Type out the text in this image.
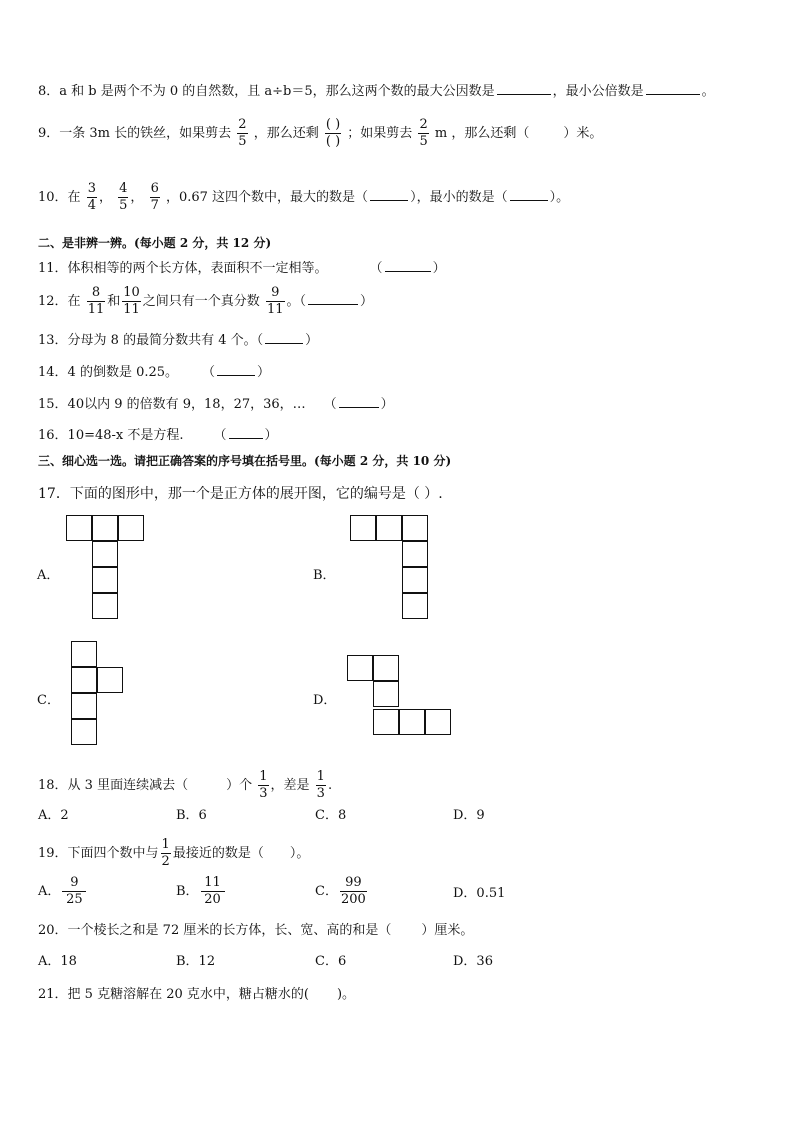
8．a 和 b 是两个不为 0 的自然数，且 a÷b＝5，那么这两个数的最大公因数是	，最小公倍数是	。
9．一条 3m 长的铁丝，如果剪去 $\frac{2}{5}$ ，那么还剩 $\frac{( )}{( )}$ ；如果剪去 $\frac{2}{5}$ m ，那么还剩（	）米。
10．在 $\frac{3}{4}$ ， $\frac{4}{5}$ ， $\frac{6}{7}$ ，0.67 这四个数中，最大的数是（	），最小的数是（	）。
二、是非辨一辨。(每小题 2 分，共 12 分)
11．体积相等的两个长方体，表面积不一定相等。	（	）
12．在 $\frac{8}{11}$ 和 $\frac{10}{11}$ 之间只有一个真分数 $\frac{9}{11}$ 。（	）
13．分母为 8 的最简分数共有 4 个。（	）
14．4 的倒数是 0.25。 （	）
15．40以内 9 的倍数有 9，18，27，36，… （	）
16．10=48-x 不是方程. （	）
三、细心选一选。请把正确答案的序号填在括号里。(每小题 2 分，共 10 分)
17．下面的图形中，那一个是正方体的展开图，它的编号是（ ）.
A．	B．
C．	D．
18．从 3 里面连续减去（	）个 $\frac{1}{3}$ ，差是 $\frac{1}{3}$ .
A．2	B．6	C．8	D．9
19．下面四个数中与 $\frac{1}{2}$ 最接近的数是（ ）。
A． $\frac{9}{25}$	B． $\frac{11}{20}$	C． $\frac{99}{200}$	D．0.51
20．一个棱长之和是 72 厘米的长方体，长、宽、高的和是（ ）厘米。
A．18	B．12	C．6	D．36
21．把 5 克糖溶解在 20 克水中，糖占糖水的( )。
